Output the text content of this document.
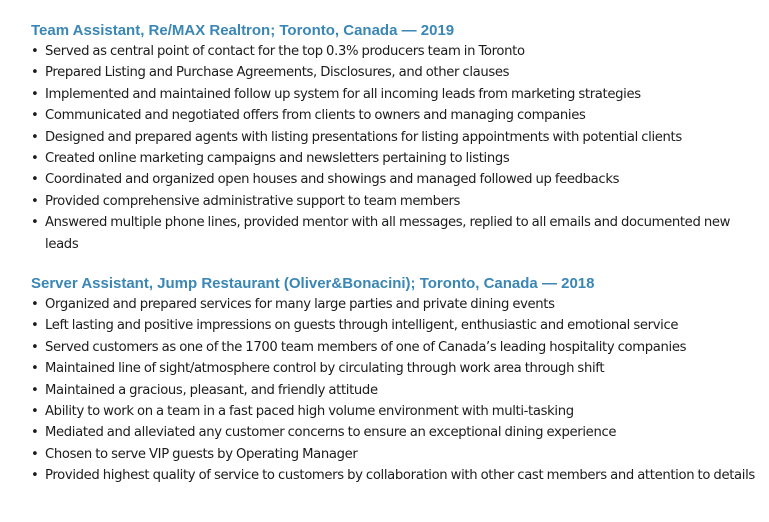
Team Assistant, Re/MAX Realtron; Toronto, Canada — 2019
• Served as central point of contact for the top 0.3% producers team in Toronto
• Prepared Listing and Purchase Agreements, Disclosures, and other clauses
• Implemented and maintained follow up system for all incoming leads from marketing strategies
• Communicated and negotiated offers from clients to owners and managing companies
• Designed and prepared agents with listing presentations for listing appointments with potential clients
• Created online marketing campaigns and newsletters pertaining to listings
• Coordinated and organized open houses and showings and managed followed up feedbacks
• Provided comprehensive administrative support to team members
• Answered multiple phone lines, provided mentor with all messages, replied to all emails and documented new leads
Server Assistant, Jump Restaurant (Oliver&Bonacini); Toronto, Canada — 2018
• Organized and prepared services for many large parties and private dining events
• Left lasting and positive impressions on guests through intelligent, enthusiastic and emotional service
• Served customers as one of the 1700 team members of one of Canada’s leading hospitality companies
• Maintained line of sight/atmosphere control by circulating through work area through shift
• Maintained a gracious, pleasant, and friendly attitude
• Ability to work on a team in a fast paced high volume environment with multi-tasking
• Mediated and alleviated any customer concerns to ensure an exceptional dining experience
• Chosen to serve VIP guests by Operating Manager
• Provided highest quality of service to customers by collaboration with other cast members and attention to details
